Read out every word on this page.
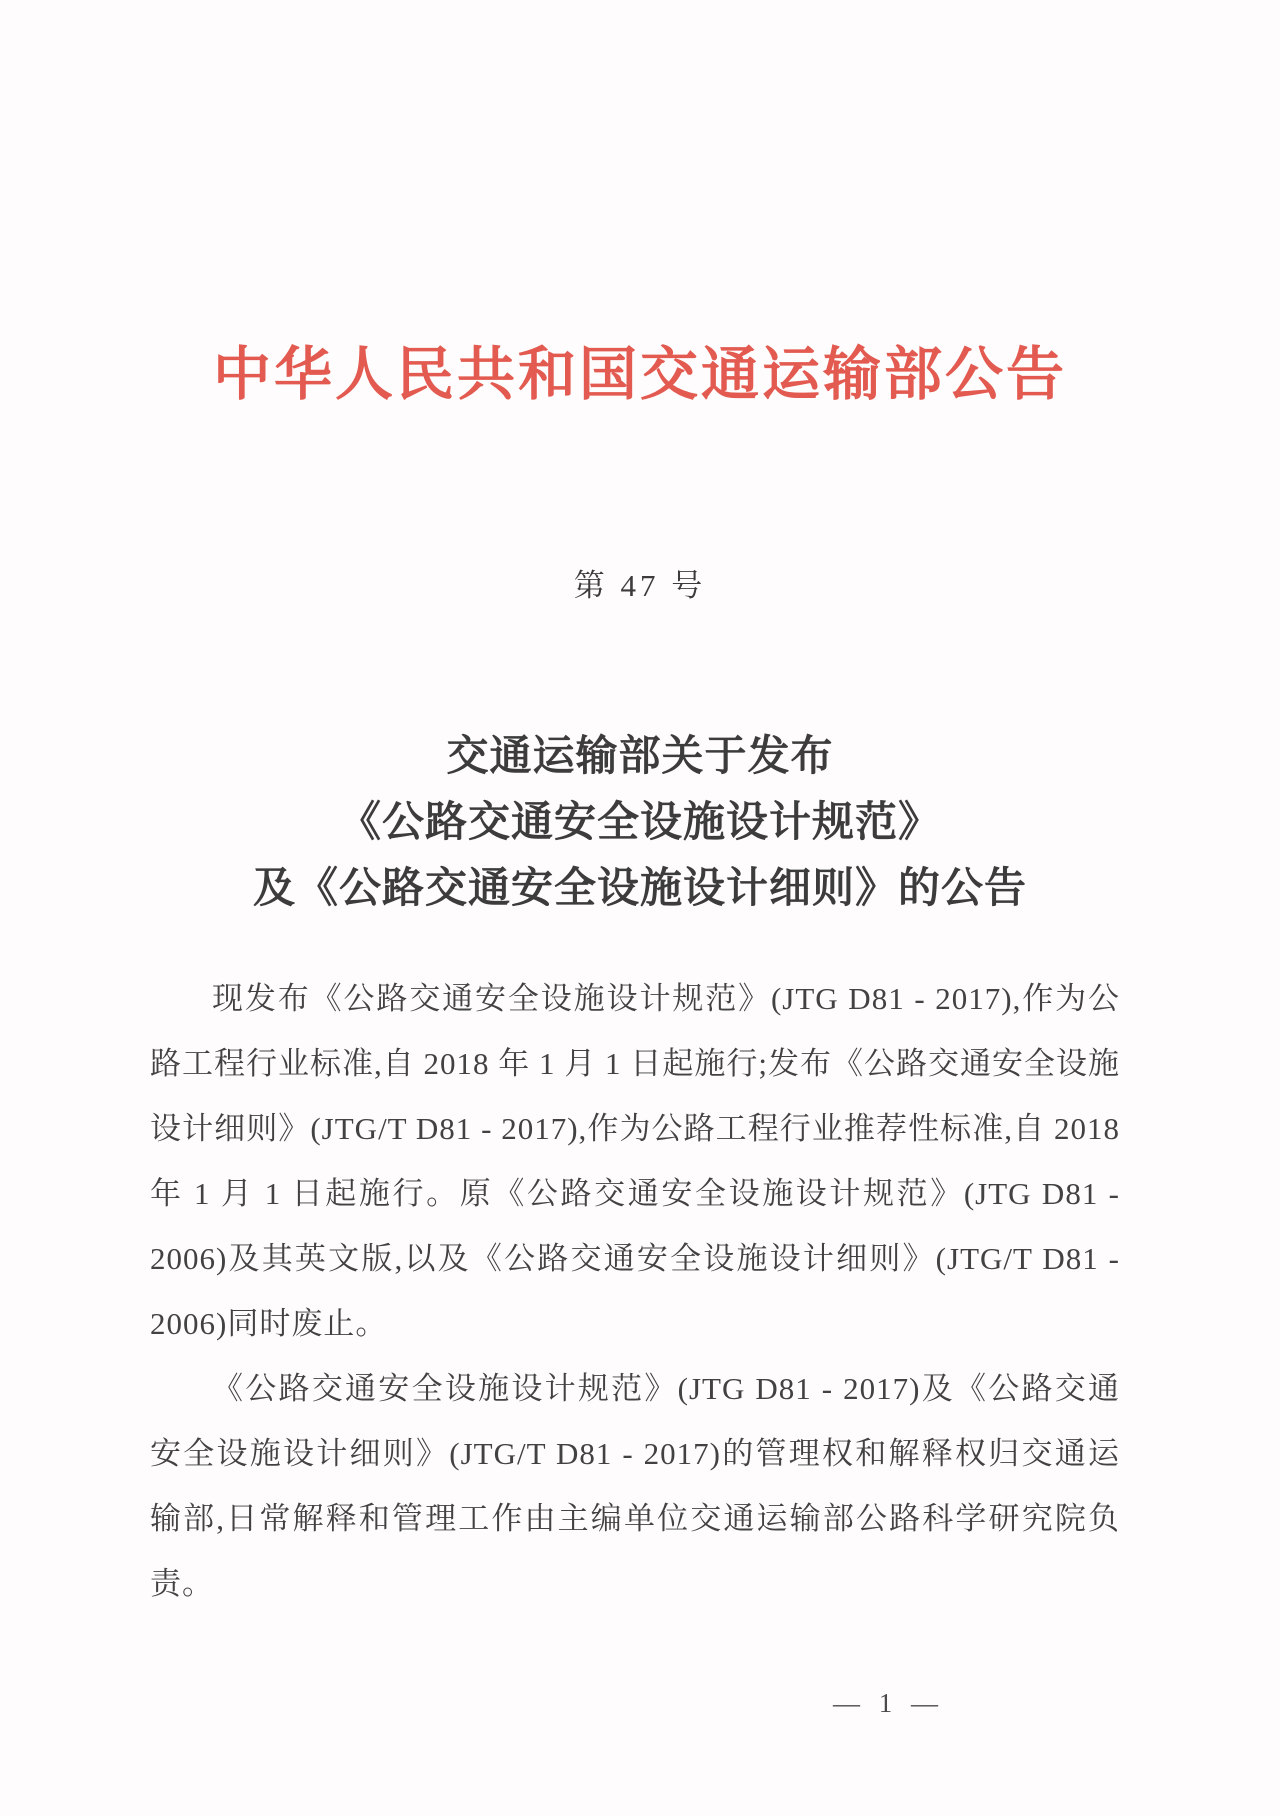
中华人民共和国交通运输部公告
第 47 号
交通运输部关于发布
《公路交通安全设施设计规范》
及《公路交通安全设施设计细则》的公告

现发布《公路交通安全设施设计规范》(JTG D81 - 2017),作为公路工程行业标准,自 2018 年 1 月 1 日起施行;发布《公路交通安全设施设计细则》(JTG/T D81 - 2017),作为公路工程行业推荐性标准,自 2018 年 1 月 1 日起施行。原《公路交通安全设施设计规范》(JTG D81 - 2006)及其英文版,以及《公路交通安全设施设计细则》(JTG/T D81 - 2006)同时废止。

《公路交通安全设施设计规范》(JTG D81 - 2017)及《公路交通安全设施设计细则》(JTG/T D81 - 2017)的管理权和解释权归交通运输部,日常解释和管理工作由主编单位交通运输部公路科学研究院负责。

— 1 —
